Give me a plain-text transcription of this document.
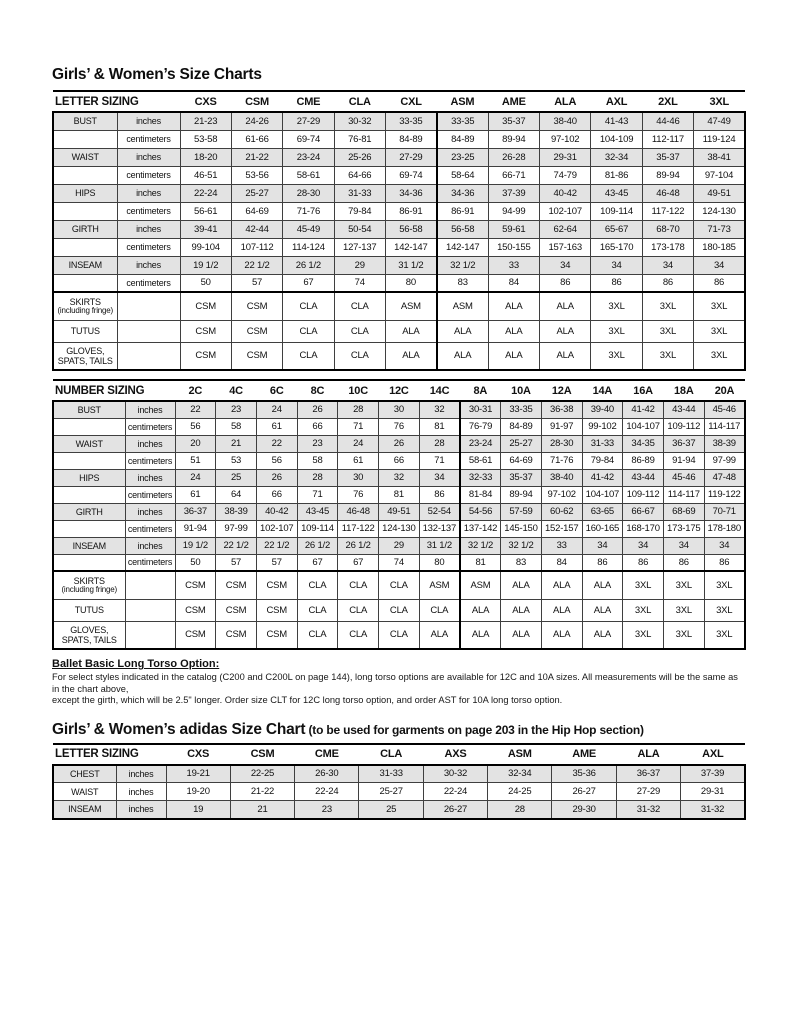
Girls’ & Women’s Size Charts
LETTER SIZING		CXS	CSM	CME	CLA	CXL	ASM	AME	ALA	AXL	2XL	3XL
BUST	inches	21-23	24-26	27-29	30-32	33-35	33-35	35-37	38-40	41-43	44-46	47-49
	centimeters	53-58	61-66	69-74	76-81	84-89	84-89	89-94	97-102	104-109	112-117	119-124
WAIST	inches	18-20	21-22	23-24	25-26	27-29	23-25	26-28	29-31	32-34	35-37	38-41
	centimeters	46-51	53-56	58-61	64-66	69-74	58-64	66-71	74-79	81-86	89-94	97-104
HIPS	inches	22-24	25-27	28-30	31-33	34-36	34-36	37-39	40-42	43-45	46-48	49-51
	centimeters	56-61	64-69	71-76	79-84	86-91	86-91	94-99	102-107	109-114	117-122	124-130
GIRTH	inches	39-41	42-44	45-49	50-54	56-58	56-58	59-61	62-64	65-67	68-70	71-73
	centimeters	99-104	107-112	114-124	127-137	142-147	142-147	150-155	157-163	165-170	173-178	180-185
INSEAM	inches	19 1/2	22 1/2	26 1/2	29	31 1/2	32 1/2	33	34	34	34	34
	centimeters	50	57	67	74	80	83	84	86	86	86	86
SKIRTS
(including fringe)		CSM	CSM	CLA	CLA	ASM	ASM	ALA	ALA	3XL	3XL	3XL
TUTUS		CSM	CSM	CLA	CLA	ALA	ALA	ALA	ALA	3XL	3XL	3XL
GLOVES, SPATS, TAILS		CSM	CSM	CLA	CLA	ALA	ALA	ALA	ALA	3XL	3XL	3XL
NUMBER SIZING		2C	4C	6C	8C	10C	12C	14C	8A	10A	12A	14A	16A	18A	20A
BUST	inches	22	23	24	26	28	30	32	30-31	33-35	36-38	39-40	41-42	43-44	45-46
	centimeters	56	58	61	66	71	76	81	76-79	84-89	91-97	99-102	104-107	109-112	114-117
WAIST	inches	20	21	22	23	24	26	28	23-24	25-27	28-30	31-33	34-35	36-37	38-39
	centimeters	51	53	56	58	61	66	71	58-61	64-69	71-76	79-84	86-89	91-94	97-99
HIPS	inches	24	25	26	28	30	32	34	32-33	35-37	38-40	41-42	43-44	45-46	47-48
	centimeters	61	64	66	71	76	81	86	81-84	89-94	97-102	104-107	109-112	114-117	119-122
GIRTH	inches	36-37	38-39	40-42	43-45	46-48	49-51	52-54	54-56	57-59	60-62	63-65	66-67	68-69	70-71
	centimeters	91-94	97-99	102-107	109-114	117-122	124-130	132-137	137-142	145-150	152-157	160-165	168-170	173-175	178-180
INSEAM	inches	19 1/2	22 1/2	22 1/2	26 1/2	26 1/2	29	31 1/2	32 1/2	32 1/2	33	34	34	34	34
	centimeters	50	57	57	67	67	74	80	81	83	84	86	86	86	86
SKIRTS
(including fringe)		CSM	CSM	CSM	CLA	CLA	CLA	ASM	ASM	ALA	ALA	ALA	3XL	3XL	3XL
TUTUS		CSM	CSM	CSM	CLA	CLA	CLA	CLA	ALA	ALA	ALA	ALA	3XL	3XL	3XL
GLOVES, SPATS, TAILS		CSM	CSM	CSM	CLA	CLA	CLA	ALA	ALA	ALA	ALA	ALA	3XL	3XL	3XL
Ballet Basic Long Torso Option:
For select styles indicated in the catalog (C200 and C200L on page 144), long torso options are available for 12C and 10A sizes. All measurements will be the same as in the chart above,
except the girth, which will be 2.5" longer. Order size CLT for 12C long torso option, and order AST for 10A long torso option.
Girls’ & Women’s adidas Size Chart (to be used for garments on page 203 in the Hip Hop section)
LETTER SIZING		CXS	CSM	CME	CLA	AXS	ASM	AME	ALA	AXL
CHEST	inches	19-21	22-25	26-30	31-33	30-32	32-34	35-36	36-37	37-39
WAIST	inches	19-20	21-22	22-24	25-27	22-24	24-25	26-27	27-29	29-31
INSEAM	inches	19	21	23	25	26-27	28	29-30	31-32	31-32
